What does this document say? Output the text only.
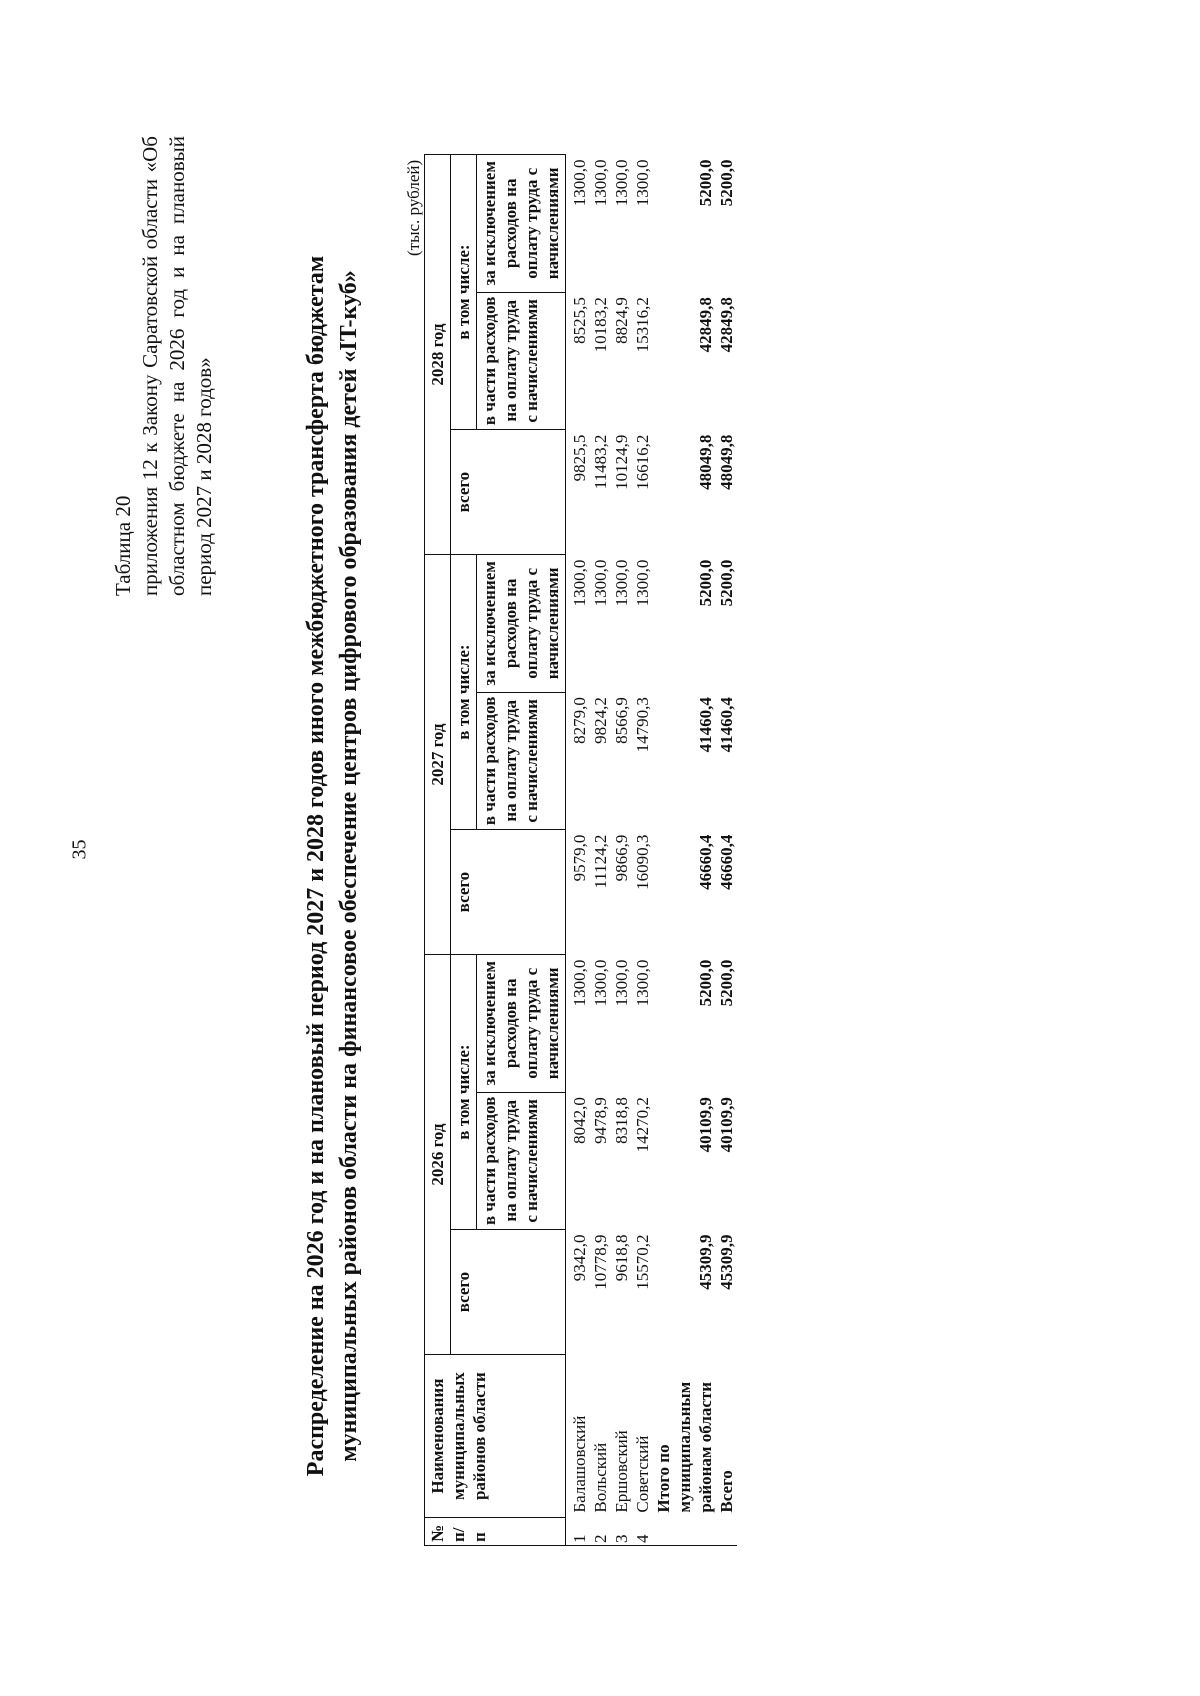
35
Таблица 20 приложения 12 к Закону Саратовской области «Об областном бюджете на 2026 год и на плановый период 2027 и 2028 годов»	Распределение на 2026 год и на плановый период 2027 и 2028 годов иного межбюджетного трансферта бюджетам муниципальных районов области на финансовое обеспечение центров цифрового образования детей «IT-куб»
(тыс. рублей)
№ п/п	Наименования муниципальных районов области	2026 год			2027 год			2028 год		
		всего	в том числе:		всего	в том числе:		всего	в том числе:	
			в части расходов на оплату труда с начислениями	за исключением расходов на оплату труда с начислениями		в части расходов на оплату труда с начислениями	за исключением расходов на оплату труда с начислениями		в части расходов на оплату труда с начислениями	за исключением расходов на оплату труда с начислениями
1	Балашовский	9342,0	8042,0	1300,0	9579,0	8279,0	1300,0	9825,5	8525,5	1300,0
2	Вольский	10778,9	9478,9	1300,0	11124,2	9824,2	1300,0	11483,2	10183,2	1300,0
3	Ершовский	9618,8	8318,8	1300,0	9866,9	8566,9	1300,0	10124,9	8824,9	1300,0
4	Советский	15570,2	14270,2	1300,0	16090,3	14790,3	1300,0	16616,2	15316,2	1300,0
	Итого по муниципальным районам области	45309,9	40109,9	5200,0	46660,4	41460,4	5200,0	48049,8	42849,8	5200,0
	Всего	45309,9	40109,9	5200,0	46660,4	41460,4	5200,0	48049,8	42849,8	5200,0
